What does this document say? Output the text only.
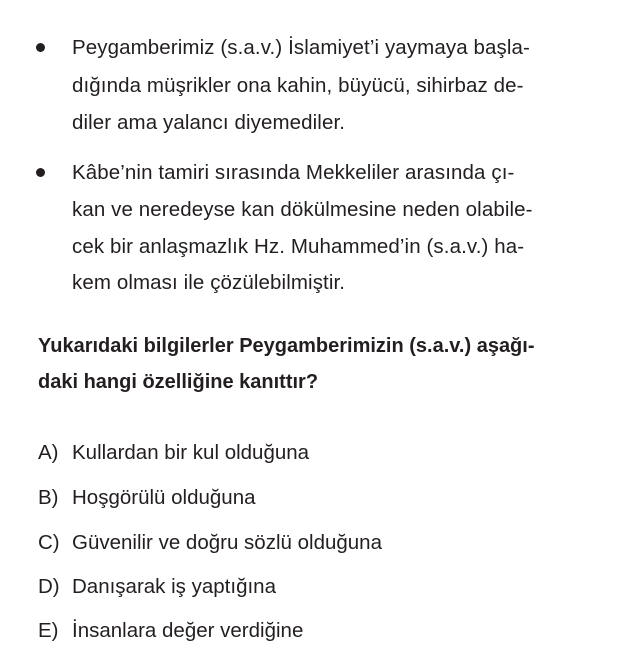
Peygamberimiz (s.a.v.) İslamiyet’i yaymaya başla-
dığında müşrikler ona kahin, büyücü, sihirbaz de-
diler ama yalancı diyemediler.
Kâbe’nin tamiri sırasında Mekkeliler arasında çı-
kan ve neredeyse kan dökülmesine neden olabile-
cek bir anlaşmazlık Hz. Muhammed’in (s.a.v.) ha-
kem olması ile çözülebilmiştir.
Yukarıdaki bilgilerler Peygamberimizin (s.a.v.) aşağı-
daki hangi özelliğine kanıttır?
A) Kullardan bir kul olduğuna
B) Hoşgörülü olduğuna
C) Güvenilir ve doğru sözlü olduğuna
D) Danışarak iş yaptığına
E) İnsanlara değer verdiğine
